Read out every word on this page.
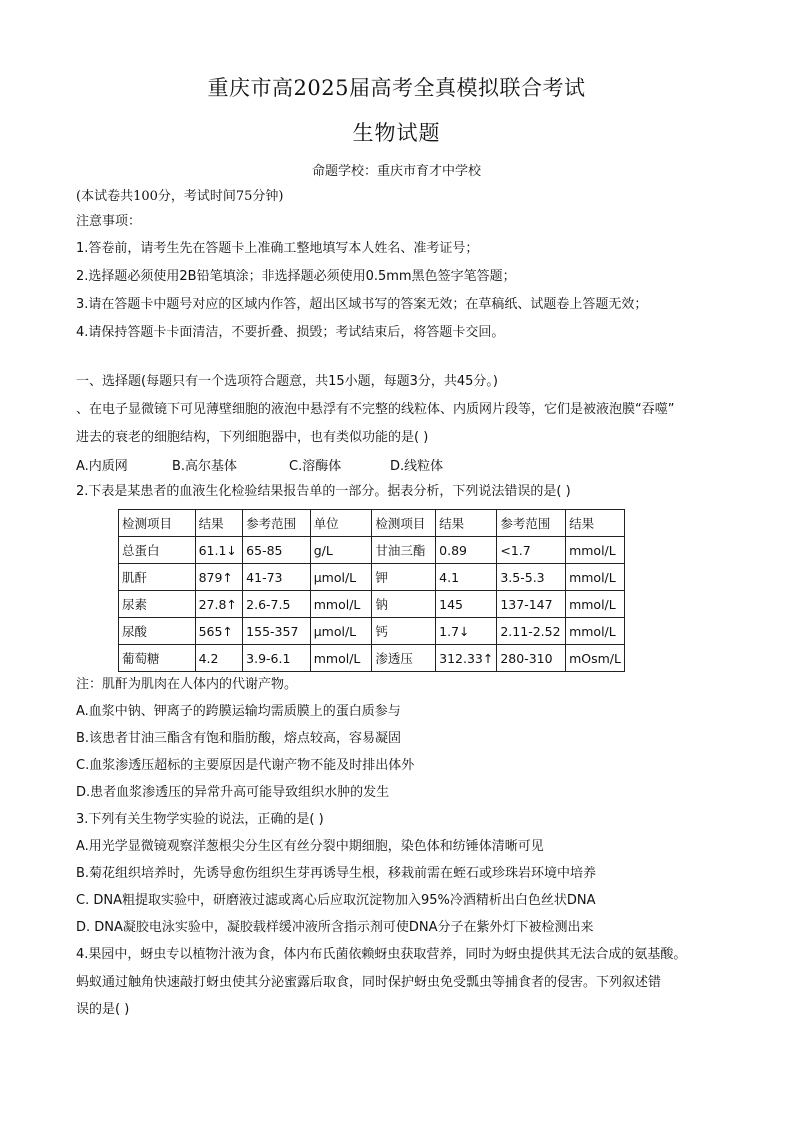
重庆市高2025届高考全真模拟联合考试
生物试题
命题学校：重庆市育才中学校
(本试卷共100分，考试时间75分钟)
注意事项：
1.答卷前，请考生先在答题卡上准确工整地填写本人姓名、准考证号；
2.选择题必须使用2B铅笔填涂；非选择题必须使用0.5mm黑色签字笔答题；
3.请在答题卡中题号对应的区域内作答，超出区域书写的答案无效；在草稿纸、试题卷上答题无效；
4.请保持答题卡卡面清洁，不要折叠、损毁；考试结束后，将答题卡交回。
一、选择题(每题只有一个选项符合题意，共15小题，每题3分，共45分。)
、在电子显微镜下可见薄壁细胞的液泡中悬浮有不完整的线粒体、内质网片段等，它们是被液泡膜“吞噬”
进去的衰老的细胞结构，下列细胞器中，也有类似功能的是( )
A.内质网	B.高尔基体	C.溶酶体	D.线粒体
2.下表是某患者的血液生化检验结果报告单的一部分。据表分析，下列说法错误的是( )
检测项目	结果	参考范围	单位	检测项目	结果	参考范围	结果
总蛋白	61.1↓	65-85	g/L	甘油三酯	0.89	<1.7	mmol/L
肌酐	879↑	41-73	μmol/L	钾	4.1	3.5-5.3	mmol/L
尿素	27.8↑	2.6-7.5	mmol/L	钠	145	137-147	mmol/L
尿酸	565↑	155-357	μmol/L	钙	1.7↓	2.11-2.52	mmol/L
葡萄糖	4.2	3.9-6.1	mmol/L	渗透压	312.33↑	280-310	mOsm/L
注：肌酐为肌肉在人体内的代谢产物。
A.血浆中钠、钾离子的跨膜运输均需质膜上的蛋白质参与
B.该患者甘油三酯含有饱和脂肪酸，熔点较高，容易凝固
C.血浆渗透压超标的主要原因是代谢产物不能及时排出体外
D.患者血浆渗透压的异常升高可能导致组织水肿的发生
3.下列有关生物学实验的说法，正确的是( )
A.用光学显微镜观察洋葱根尖分生区有丝分裂中期细胞，染色体和纺锤体清晰可见
B.菊花组织培养时，先诱导愈伤组织生芽再诱导生根，移栽前需在蛭石或珍珠岩环境中培养
C. DNA粗提取实验中，研磨液过滤或离心后应取沉淀物加入95%冷酒精析出白色丝状DNA
D. DNA凝胶电泳实验中，凝胶载样缓冲液所含指示剂可使DNA分子在紫外灯下被检测出来
4.果园中，蚜虫专以植物汁液为食，体内布氏菌依赖蚜虫获取营养，同时为蚜虫提供其无法合成的氨基酸。
蚂蚁通过触角快速敲打蚜虫使其分泌蜜露后取食，同时保护蚜虫免受瓢虫等捕食者的侵害。下列叙述错
误的是( )
